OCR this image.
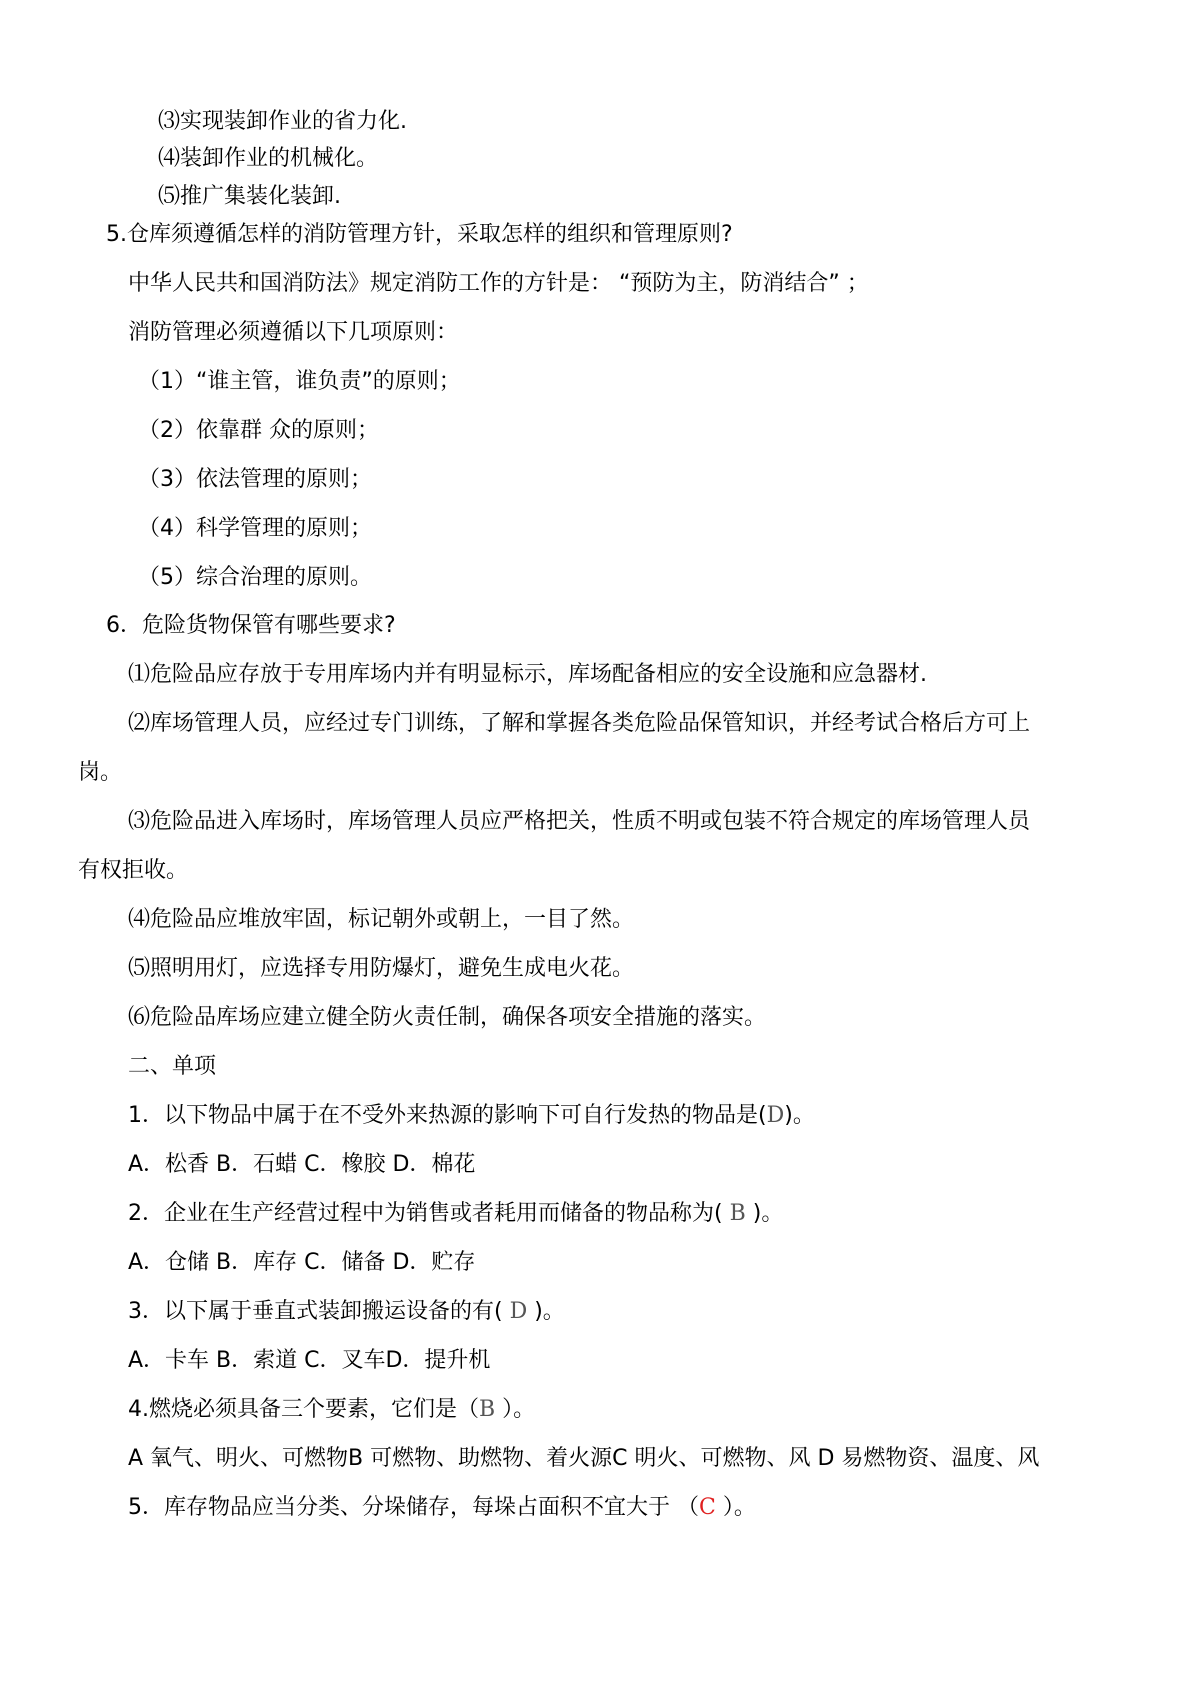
⑶实现装卸作业的省力化.
⑷装卸作业的机械化。
⑸推广集装化装卸.
5.仓库须遵循怎样的消防管理方针，采取怎样的组织和管理原则?
中华人民共和国消防法》规定消防工作的方针是： “预防为主，防消结合” ；
消防管理必须遵循以下几项原则：
（1）“谁主管，谁负责”的原则；
（2）依靠群 众的原则；
（3）依法管理的原则；
（4）科学管理的原则；
（5）综合治理的原则。
6．危险货物保管有哪些要求?
⑴危险品应存放于专用库场内并有明显标示，库场配备相应的安全设施和应急器材.
⑵库场管理人员，应经过专门训练，了解和掌握各类危险品保管知识，并经考试合格后方可上
岗。
⑶危险品进入库场时，库场管理人员应严格把关，性质不明或包装不符合规定的库场管理人员
有权拒收。
⑷危险品应堆放牢固，标记朝外或朝上，一目了然。
⑸照明用灯，应选择专用防爆灯，避免生成电火花。
⑹危险品库场应建立健全防火责任制，确保各项安全措施的落实。
二、单项
1．以下物品中属于在不受外来热源的影响下可自行发热的物品是(D)。
A．松香 B．石蜡 C．橡胶 D．棉花
2．企业在生产经营过程中为销售或者耗用而储备的物品称为( B )。
A．仓储 B．库存 C．储备 D．贮存
3．以下属于垂直式装卸搬运设备的有( D )。
A．卡车 B．索道 C．叉车D．提升机
4.燃烧必须具备三个要素，它们是（B ）。
A 氧气、明火、可燃物B 可燃物、助燃物、着火源C 明火、可燃物、风 D 易燃物资、温度、风
5．库存物品应当分类、分垛储存，每垛占面积不宜大于 （C ）。
